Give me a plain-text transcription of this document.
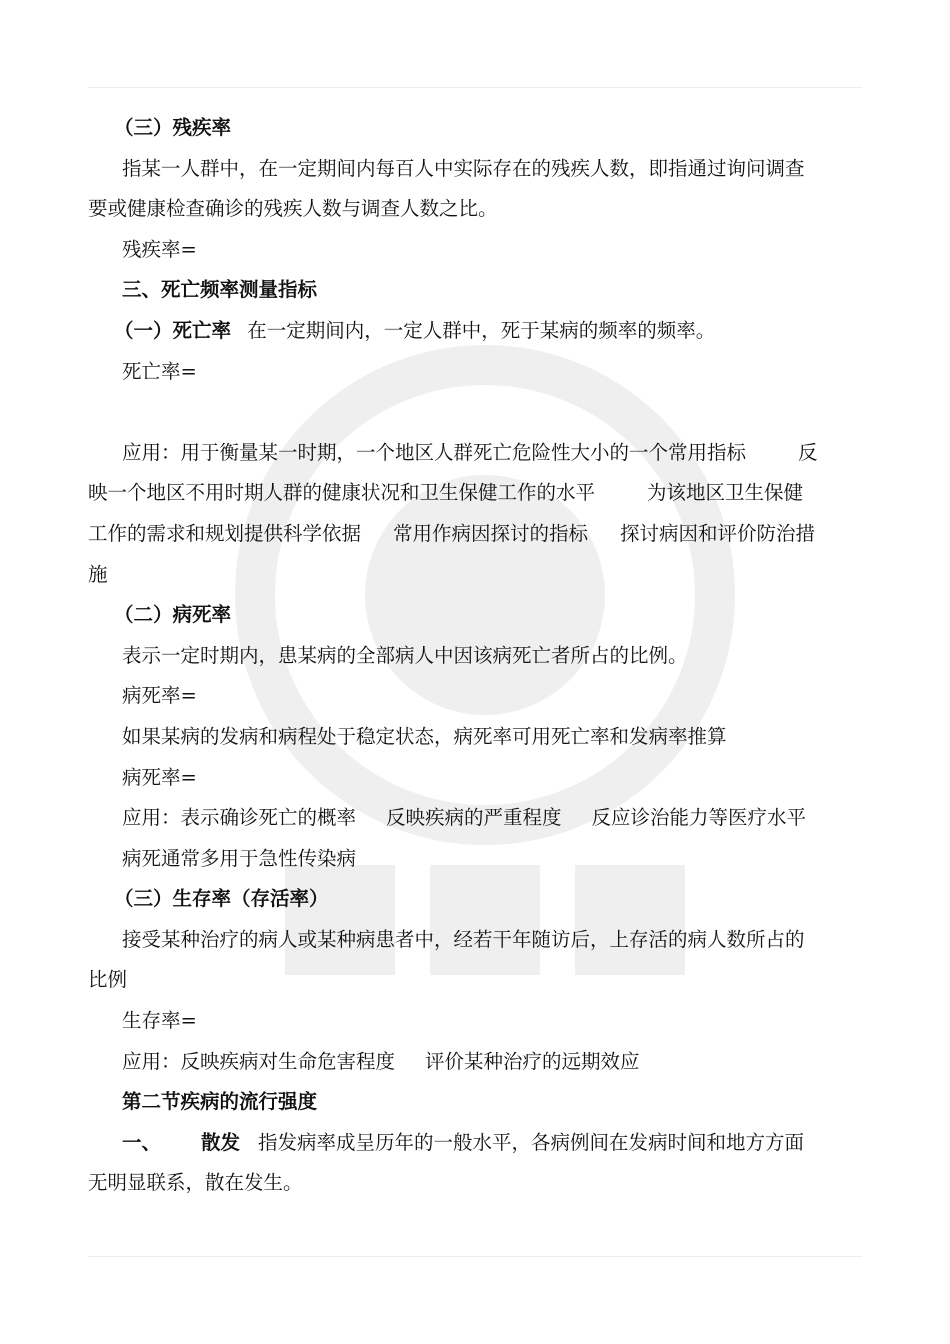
（三）残疾率
指某一人群中，在一定期间内每百人中实际存在的残疾人数，即指通过询问调查
要或健康检查确诊的残疾人数与调查人数之比。
残疾率=
三、死亡频率测量指标
（一）死亡率 在一定期间内，一定人群中，死于某病的频率的频率。
死亡率=
应用：用于衡量某一时期，一个地区人群死亡危险性大小的一个常用指标	反
映一个地区不用时期人群的健康状况和卫生保健工作的水平	为该地区卫生保健
工作的需求和规划提供科学依据 常用作病因探讨的指标 探讨病因和评价防治措
施
（二）病死率
表示一定时期内，患某病的全部病人中因该病死亡者所占的比例。
病死率=
如果某病的发病和病程处于稳定状态，病死率可用死亡率和发病率推算
病死率=
应用：表示确诊死亡的概率 反映疾病的严重程度 反应诊治能力等医疗水平
病死通常多用于急性传染病
（三）生存率（存活率）
接受某种治疗的病人或某种病患者中，经若干年随访后，上存活的病人数所占的
比例
生存率=
应用：反映疾病对生命危害程度 评价某种治疗的远期效应
第二节疾病的流行强度
一、 散发 指发病率成呈历年的一般水平，各病例间在发病时间和地方方面
无明显联系，散在发生。
